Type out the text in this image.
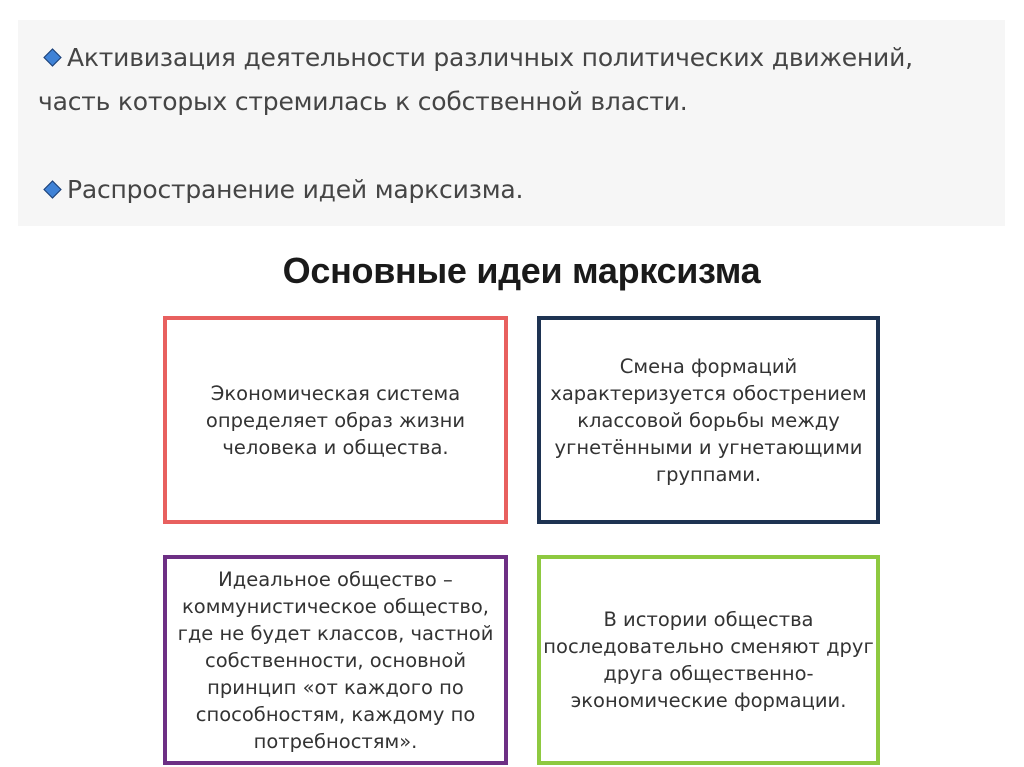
Активизация деятельности различных политических движений,
часть которых стремилась к собственной власти.
Распространение идей марксизма.
Основные идеи марксизма
Экономическая система
определяет образ жизни
человека и общества.
Смена формаций
характеризуется обострением
классовой борьбы между
угнетёнными и угнетающими
группами.
Идеальное общество –
коммунистическое общество,
где не будет классов, частной
собственности, основной
принцип «от каждого по
способностям, каждому по
потребностям».
В истории общества
последовательно сменяют друг
друга общественно-
экономические формации.
